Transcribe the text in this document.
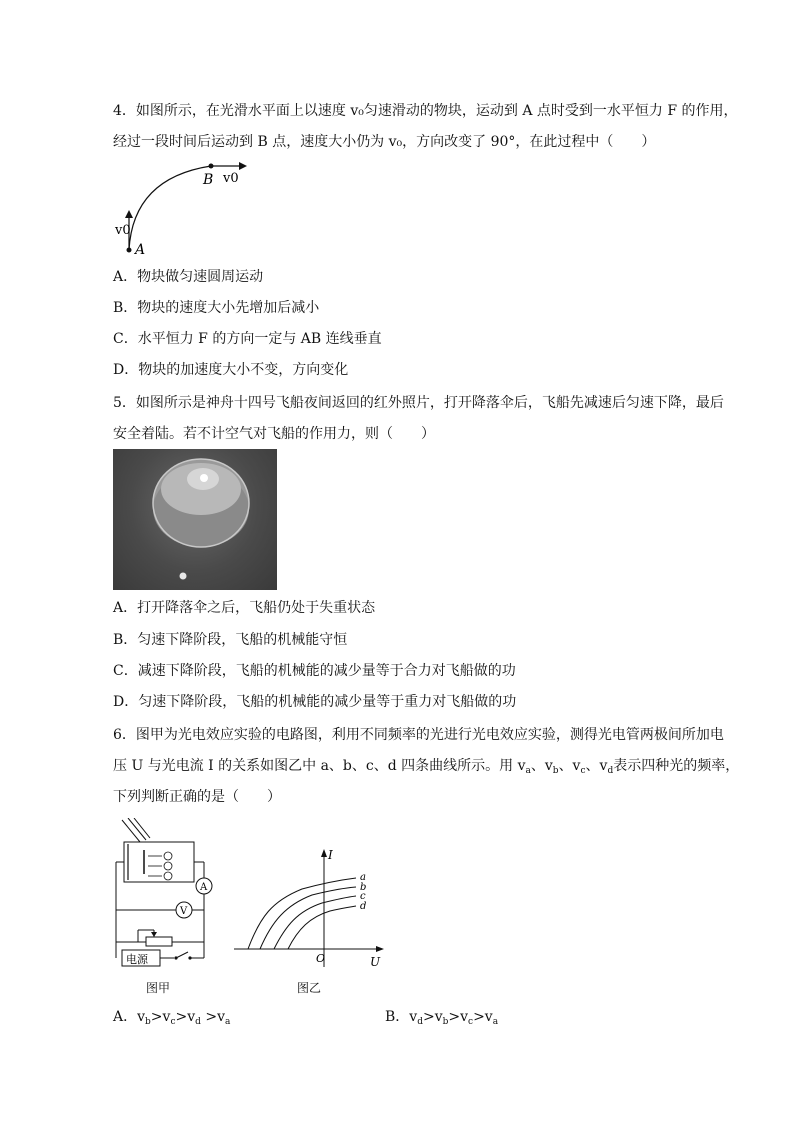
4．如图所示，在光滑水平面上以速度 v₀匀速滑动的物块，运动到 A 点时受到一水平恒力 F 的作用，
经过一段时间后运动到 B 点，速度大小仍为 v₀，方向改变了 90°，在此过程中（　　）
B v0
A
v0
A．物块做匀速圆周运动
B．物块的速度大小先增加后减小
C．水平恒力 F 的方向一定与 AB 连线垂直
D．物块的加速度大小不变，方向变化
5．如图所示是神舟十四号飞船夜间返回的红外照片，打开降落伞后，飞船先减速后匀速下降，最后
安全着陆。若不计空气对飞船的作用力，则（　　）
A．打开降落伞之后，飞船仍处于失重状态
B．匀速下降阶段，飞船的机械能守恒
C．减速下降阶段，飞船的机械能的减少量等于合力对飞船做的功
D．匀速下降阶段，飞船的机械能的减少量等于重力对飞船做的功
6．图甲为光电效应实验的电路图，利用不同频率的光进行光电效应实验，测得光电管两极间所加电
压 U 与光电流 I 的关系如图乙中 a、b、c、d 四条曲线所示。用 $v_a$、$v_b$、$v_c$、$v_d$表示四种光的频率，
下列判断正确的是（　　）
A
V
电源
图甲
I
U
O
a
b
c
d
图乙
A．$v_b>v_c>v_d >v_a$	B．$v_d>v_b>v_c>v_a$
